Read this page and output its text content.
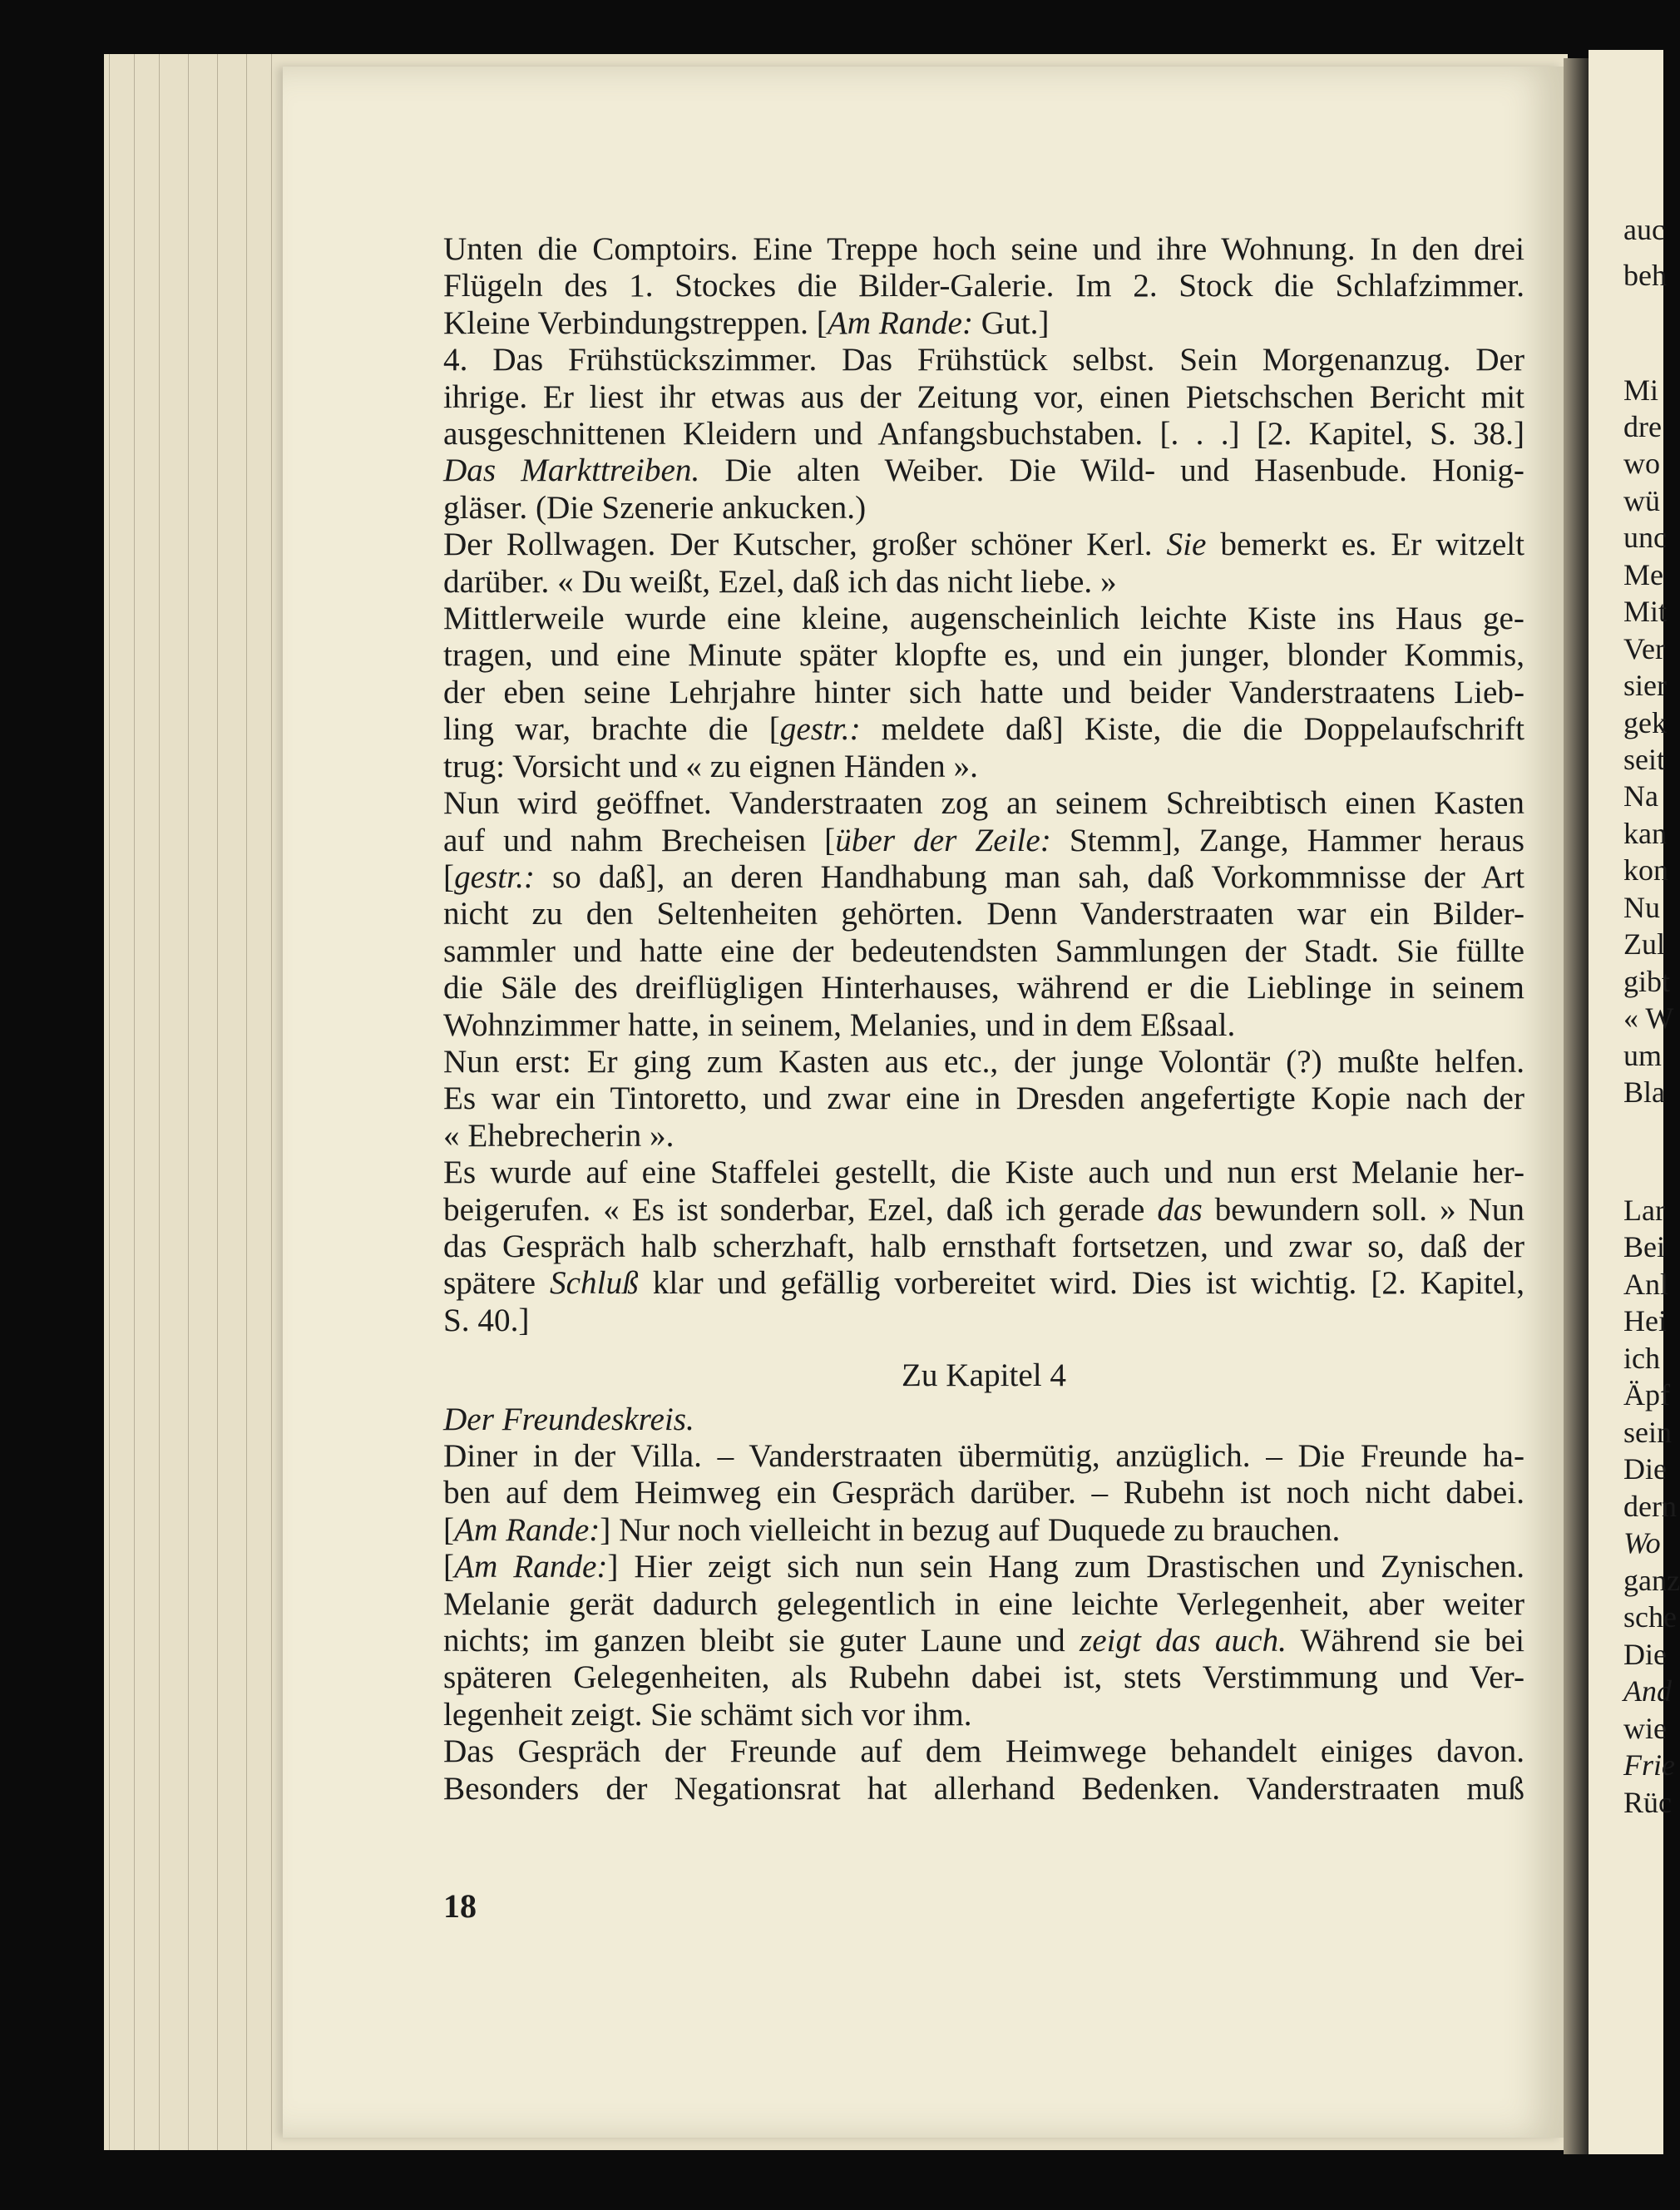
auc
beh
Mi
dre
wo
wü
unc
Me
Mit
Ver
sier
gek
seit
Na
kan
kon
Nu
Zul
gibt
« W
um
Bla
Lar
Bei
Anl
Hei
ich
Äpf
sein
Die
dern
Wo
ganz
sche
Die
And
wie
Frie
Rüc

Unten die Comptoirs. Eine Treppe hoch seine und ihre Wohnung. In den drei

Flügeln des 1. Stockes die Bilder-Galerie. Im 2. Stock die Schlafzimmer.

Kleine Verbindungstreppen. [Am Rande: Gut.]

4. Das Frühstückszimmer. Das Frühstück selbst. Sein Morgenanzug. Der

ihrige. Er liest ihr etwas aus der Zeitung vor, einen Pietschschen Bericht mit

ausgeschnittenen Kleidern und Anfangsbuchstaben. [. . .] [2. Kapitel, S. 38.]

Das Markttreiben. Die alten Weiber. Die Wild- und Hasenbude. Honig-

gläser. (Die Szenerie ankucken.)

Der Rollwagen. Der Kutscher, großer schöner Kerl. Sie bemerkt es. Er witzelt

darüber. « Du weißt, Ezel, daß ich das nicht liebe. »

Mittlerweile wurde eine kleine, augenscheinlich leichte Kiste ins Haus ge-

tragen, und eine Minute später klopfte es, und ein junger, blonder Kommis,

der eben seine Lehrjahre hinter sich hatte und beider Vanderstraatens Lieb-

ling war, brachte die [gestr.: meldete daß] Kiste, die die Doppelaufschrift

trug: Vorsicht und « zu eignen Händen ».

Nun wird geöffnet. Vanderstraaten zog an seinem Schreibtisch einen Kasten

auf und nahm Brecheisen [über der Zeile: Stemm], Zange, Hammer heraus

[gestr.: so daß], an deren Handhabung man sah, daß Vorkommnisse der Art

nicht zu den Seltenheiten gehörten. Denn Vanderstraaten war ein Bilder-

sammler und hatte eine der bedeutendsten Sammlungen der Stadt. Sie füllte

die Säle des dreiflügligen Hinterhauses, während er die Lieblinge in seinem

Wohnzimmer hatte, in seinem, Melanies, und in dem Eßsaal.

Nun erst: Er ging zum Kasten aus etc., der junge Volontär (?) mußte helfen.

Es war ein Tintoretto, und zwar eine in Dresden angefertigte Kopie nach der

« Ehebrecherin ».

Es wurde auf eine Staffelei gestellt, die Kiste auch und nun erst Melanie her-

beigerufen. « Es ist sonderbar, Ezel, daß ich gerade das bewundern soll. » Nun

das Gespräch halb scherzhaft, halb ernsthaft fortsetzen, und zwar so, daß der

spätere Schluß klar und gefällig vorbereitet wird. Dies ist wichtig. [2. Kapitel,

S. 40.]

Zu Kapitel 4

Der Freundeskreis.

Diner in der Villa. – Vanderstraaten übermütig, anzüglich. – Die Freunde ha-

ben auf dem Heimweg ein Gespräch darüber. – Rubehn ist noch nicht dabei.

[Am Rande:] Nur noch vielleicht in bezug auf Duquede zu brauchen.

[Am Rande:] Hier zeigt sich nun sein Hang zum Drastischen und Zynischen.

Melanie gerät dadurch gelegentlich in eine leichte Verlegenheit, aber weiter

nichts; im ganzen bleibt sie guter Laune und zeigt das auch. Während sie bei

späteren Gelegenheiten, als Rubehn dabei ist, stets Verstimmung und Ver-

legenheit zeigt. Sie schämt sich vor ihm.

Das Gespräch der Freunde auf dem Heimwege behandelt einiges davon.

Besonders der Negationsrat hat allerhand Bedenken. Vanderstraaten muß

18
